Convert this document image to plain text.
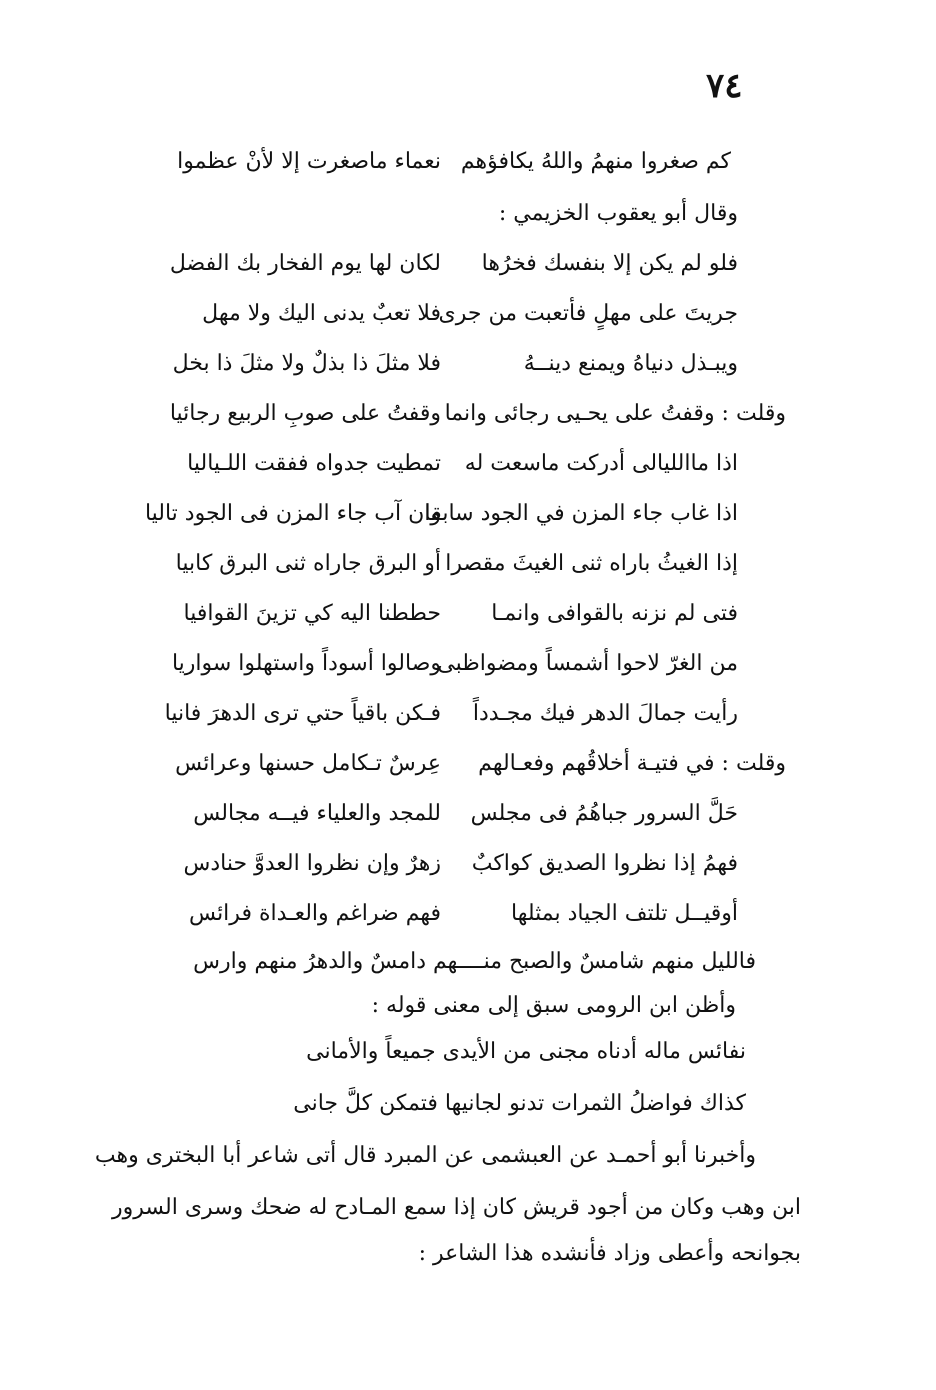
٧٤
كم صغروا منهمُ واللهُ يكافؤهم
نعماء ماصغرت إلا لأنْ عظموا
وقال أبو يعقوب الخزيمي :
فلو لم يكن إلا بنفسك فخرُها
لكان لها يوم الفخار بك الفضل
جريتَ على مهلٍ فأتعبت من جرى
فلا تعبٌ يدنى اليك ولا مهل
ويبـذل دنياهُ ويمنع دينــهُ
فلا مثلَ ذا بذلٌ ولا مثلَ ذا بخل
وقلت : وقفتُ على يحـيى رجائى وانما
وقفتُ على صوبِ الربيع رجائيا
اذا ماالليالى أدركت ماسعت له
تمطيت جدواه ففقت اللـياليا
اذا غاب جاء المزن في الجود سابقا
وان آب جاء المزن فى الجود تاليا
إذا الغيثُ باراه ثنى الغيثَ مقصرا
أو البرق جاراه ثنى البرق كابيا
فتى لم نزنه بالقوافى وانمـا
حططنا اليه كي تزينَ القوافيا
من الغرّ لاحوا أشمساً ومضواظبى
وصالوا أسوداً واستهلوا سواريا
رأيت جمالَ الدهر فيك مجـدداً
فـكن باقياً حتي ترى الدهرَ فانيا
وقلت : في فتيـة أخلاقُهم وفعـالهم
عِرسٌ تـكامل حسنها وعرائس
حَلَّ السرور جباهُمُ فى مجلس
للمجد والعلياء فيــه مجالس
فهمُ إذا نظروا الصديق كواكبٌ
زهرٌ وإن نظروا العدوَّ حنادس
أوقيــل تلتف الجياد بمثلها
فهم ضراغم والعـداة فرائس
فالليل منهم شامسٌ والصبح منــــهم دامسٌ والدهرُ منهم وارس
وأظن ابن الرومى سبق إلى معنى قوله :
نفائس ماله أدناه مجنى من الأيدى جميعاً والأمانى
كذاك فواضلُ الثمرات تدنو لجانيها فتمكن كلَّ جانى
وأخبرنا أبو أحمـد عن العبشمى عن المبرد قال أتى شاعر أبا البخترى وهب
ابن وهب وكان من أجود قريش كان إذا سمع المـادح له ضحك وسرى السرور
بجوانحه وأعطى وزاد فأنشده هذا الشاعر :
